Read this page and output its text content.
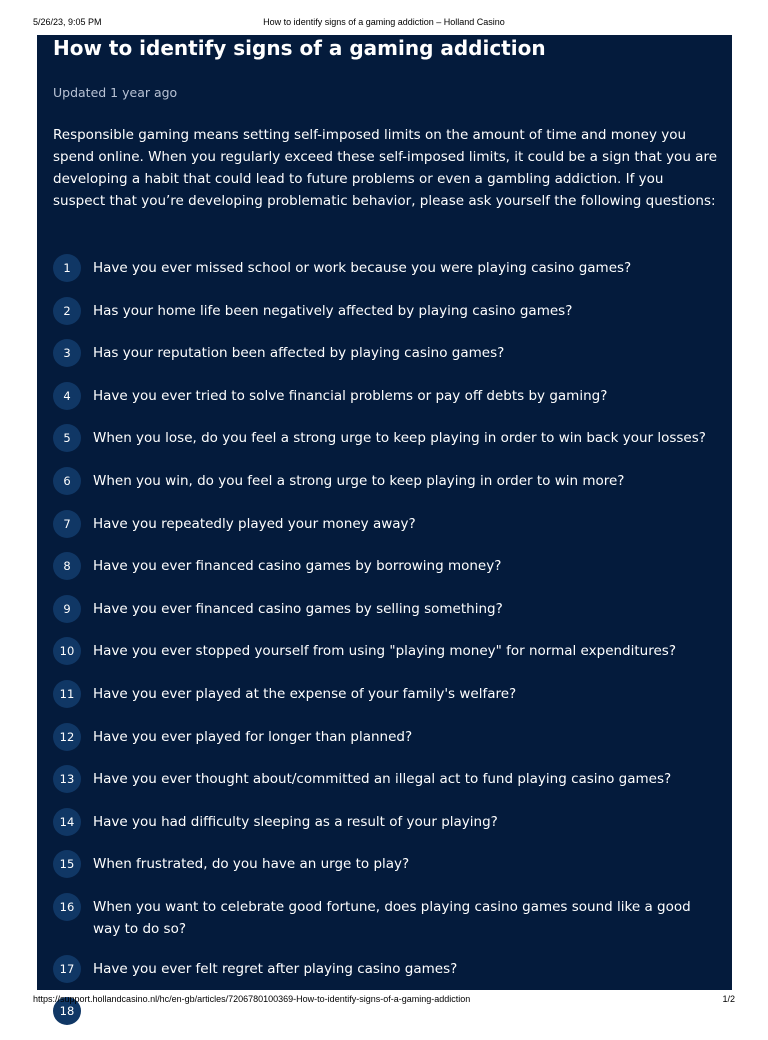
5/26/23, 9:05 PM	How to identify signs of a gaming addiction – Holland Casino
How to identify signs of a gaming addiction
Updated 1 year ago

Responsible gaming means setting self-imposed limits on the amount of time and money you spend online. When you regularly exceed these self-imposed limits, it could be a sign that you are developing a habit that could lead to future problems or even a gambling addiction. If you suspect that you’re developing problematic behavior, please ask yourself the following questions:

1	Have you ever missed school or work because you were playing casino games?
2	Has your home life been negatively affected by playing casino games?
3	Has your reputation been affected by playing casino games?
4	Have you ever tried to solve financial problems or pay off debts by gaming?
5	When you lose, do you feel a strong urge to keep playing in order to win back your losses?
6	When you win, do you feel a strong urge to keep playing in order to win more?
7	Have you repeatedly played your money away?
8	Have you ever financed casino games by borrowing money?
9	Have you ever financed casino games by selling something?
10	Have you ever stopped yourself from using "playing money" for normal expenditures?
11	Have you ever played at the expense of your family's welfare?
12	Have you ever played for longer than planned?
13	Have you ever thought about/committed an illegal act to fund playing casino games?
14	Have you had difficulty sleeping as a result of your playing?
15	When frustrated, do you have an urge to play?
16	When you want to celebrate good fortune, does playing casino games sound like a good way to do so?
17	Have you ever felt regret after playing casino games?
18	Have you ever experienced a decrease in efficiency or ambition as a resulting of playing?
https://support.hollandcasino.nl/hc/en-gb/articles/7206780100369-How-to-identify-signs-of-a-gaming-addiction	1/2
